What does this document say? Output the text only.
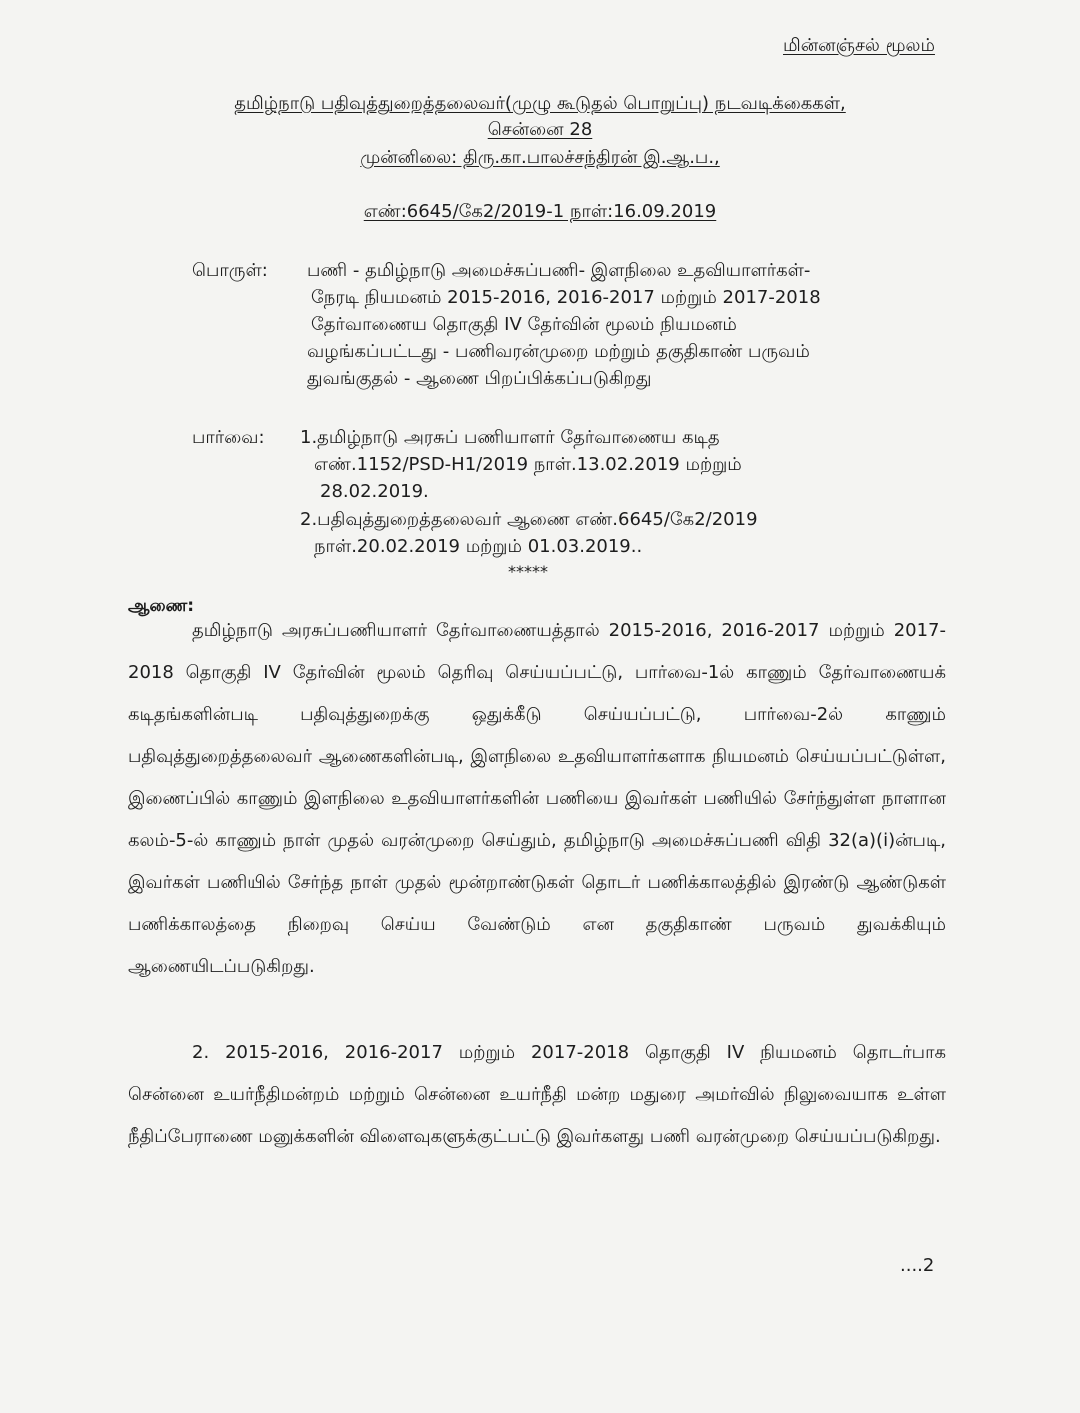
மின்னஞ்சல் மூலம்
தமிழ்நாடு பதிவுத்துறைத்தலைவர்(முழு கூடுதல் பொறுப்பு) நடவடிக்கைகள்,
சென்னை 28
முன்னிலை: திரு.கா.பாலச்சந்திரன் இ.ஆ.ப.,
எண்:6645/கே2/2019-1 நாள்:16.09.2019
பொருள்: பணி - தமிழ்நாடு அமைச்சுப்பணி- இளநிலை உதவியாளர்கள்-
நேரடி நியமனம் 2015-2016, 2016-2017 மற்றும் 2017-2018
தேர்வாணைய தொகுதி IV தேர்வின் மூலம் நியமனம்
வழங்கப்பட்டது - பணிவரன்முறை மற்றும் தகுதிகாண் பருவம்
துவங்குதல் - ஆணை பிறப்பிக்கப்படுகிறது
பார்வை: 1.தமிழ்நாடு அரசுப் பணியாளர் தேர்வாணைய கடித
எண்.1152/PSD-H1/2019 நாள்.13.02.2019 மற்றும்
28.02.2019.
2.பதிவுத்துறைத்தலைவர் ஆணை எண்.6645/கே2/2019
நாள்.20.02.2019 மற்றும் 01.03.2019..
*****
ஆணை:
தமிழ்நாடு அரசுப்பணியாளர் தேர்வாணையத்தால் 2015-2016, 2016-2017 மற்றும் 2017-2018 தொகுதி IV தேர்வின் மூலம் தெரிவு செய்யப்பட்டு, பார்வை-1ல் காணும் தேர்வாணையக் கடிதங்களின்படி பதிவுத்துறைக்கு ஒதுக்கீடு செய்யப்பட்டு, பார்வை-2ல் காணும் பதிவுத்துறைத்தலைவர் ஆணைகளின்படி, இளநிலை உதவியாளர்களாக நியமனம் செய்யப்பட்டுள்ள, இணைப்பில் காணும் இளநிலை உதவியாளர்களின் பணியை இவர்கள் பணியில் சேர்ந்துள்ள நாளான கலம்-5-ல் காணும் நாள் முதல் வரன்முறை செய்தும், தமிழ்நாடு அமைச்சுப்பணி விதி 32(a)(i)ன்படி, இவர்கள் பணியில் சேர்ந்த நாள் முதல் மூன்றாண்டுகள் தொடர் பணிக்காலத்தில் இரண்டு ஆண்டுகள் பணிக்காலத்தை நிறைவு செய்ய வேண்டும் என தகுதிகாண் பருவம் துவக்கியும் ஆணையிடப்படுகிறது.
2. 2015-2016, 2016-2017 மற்றும் 2017-2018 தொகுதி IV நியமனம் தொடர்பாக சென்னை உயர்நீதிமன்றம் மற்றும் சென்னை உயர்நீதி மன்ற மதுரை அமர்வில் நிலுவையாக உள்ள நீதிப்பேராணை மனுக்களின் விளைவுகளுக்குட்பட்டு இவர்களது பணி வரன்முறை செய்யப்படுகிறது.
....2
